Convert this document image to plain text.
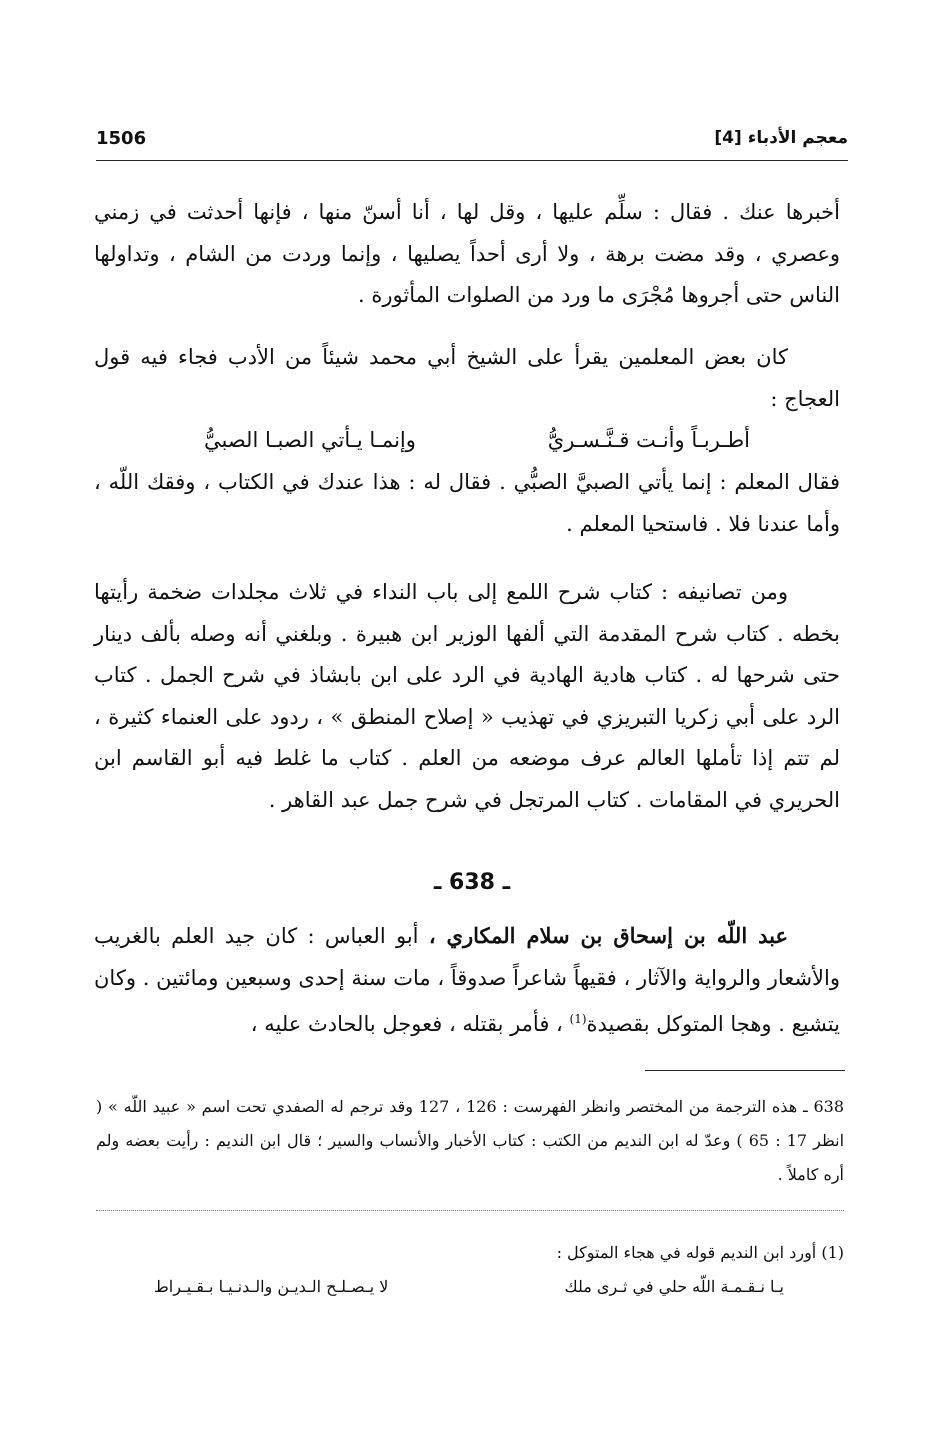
1506	معجم الأدباء [4]

أخبرها عنك . فقال : سلِّم عليها ، وقل لها ، أنا أسنّ منها ، فإنها أحدثت في زمني وعصري ، وقد مضت برهة ، ولا أرى أحداً يصليها ، وإنما وردت من الشام ، وتداولها الناس حتى أجروها مُجْرَى ما ورد من الصلوات المأثورة .

كان بعض المعلمين يقرأ على الشيخ أبي محمد شيئاً من الأدب فجاء فيه قول العجاج :

أطـربـاً وأنـت قـنَّـسـريُّ
وإنمـا يـأتي الصبـا الصبيُّ

فقال المعلم : إنما يأتي الصبيَّ الصبُّي . فقال له : هذا عندك في الكتاب ، وفقك اللّه ، وأما عندنا فلا . فاستحيا المعلم .

ومن تصانيفه : كتاب شرح اللمع إلى باب النداء في ثلاث مجلدات ضخمة رأيتها بخطه . كتاب شرح المقدمة التي ألفها الوزير ابن هبيرة . وبلغني أنه وصله بألف دينار حتى شرحها له . كتاب هادية الهادية في الرد على ابن بابشاذ في شرح الجمل . كتاب الرد على أبي زكريا التبريزي في تهذيب « إصلاح المنطق » ، ردود على العنماء كثيرة ، لم تتم إذا تأملها العالم عرف موضعه من العلم . كتاب ما غلط فيه أبو القاسم ابن الحريري في المقامات . كتاب المرتجل في شرح جمل عبد القاهر .

ـ 638 ـ

عبد اللّه بن إسحاق بن سلام المكاري ، أبو العباس : كان جيد العلم بالغريب والأشعار والرواية والآثار ، فقيهاً شاعراً صدوقاً ، مات سنة إحدى وسبعين ومائتين . وكان يتشيع . وهجا المتوكل بقصيدة$^{(1)}$ ، فأمر بقتله ، فعوجل بالحادث عليه ،

638 ـ هذه الترجمة من المختصر وانظر الفهرست : 126 ، 127 وقد ترجم له الصفدي تحت اسم « عبيد اللّه » ( انظر 17 : 65 ) وعدّ له ابن النديم من الكتب : كتاب الأخبار والأنساب والسير ؛ قال ابن النديم : رأيت بعضه ولم أره كاملاً .

(1) أورد ابن النديم قوله في هجاء المتوكل :

يـا نـقـمـة اللّه حلي في ثـرى ملك
لا يـصـلـح الـديـن والـدنـيـا بـقـيـراط
